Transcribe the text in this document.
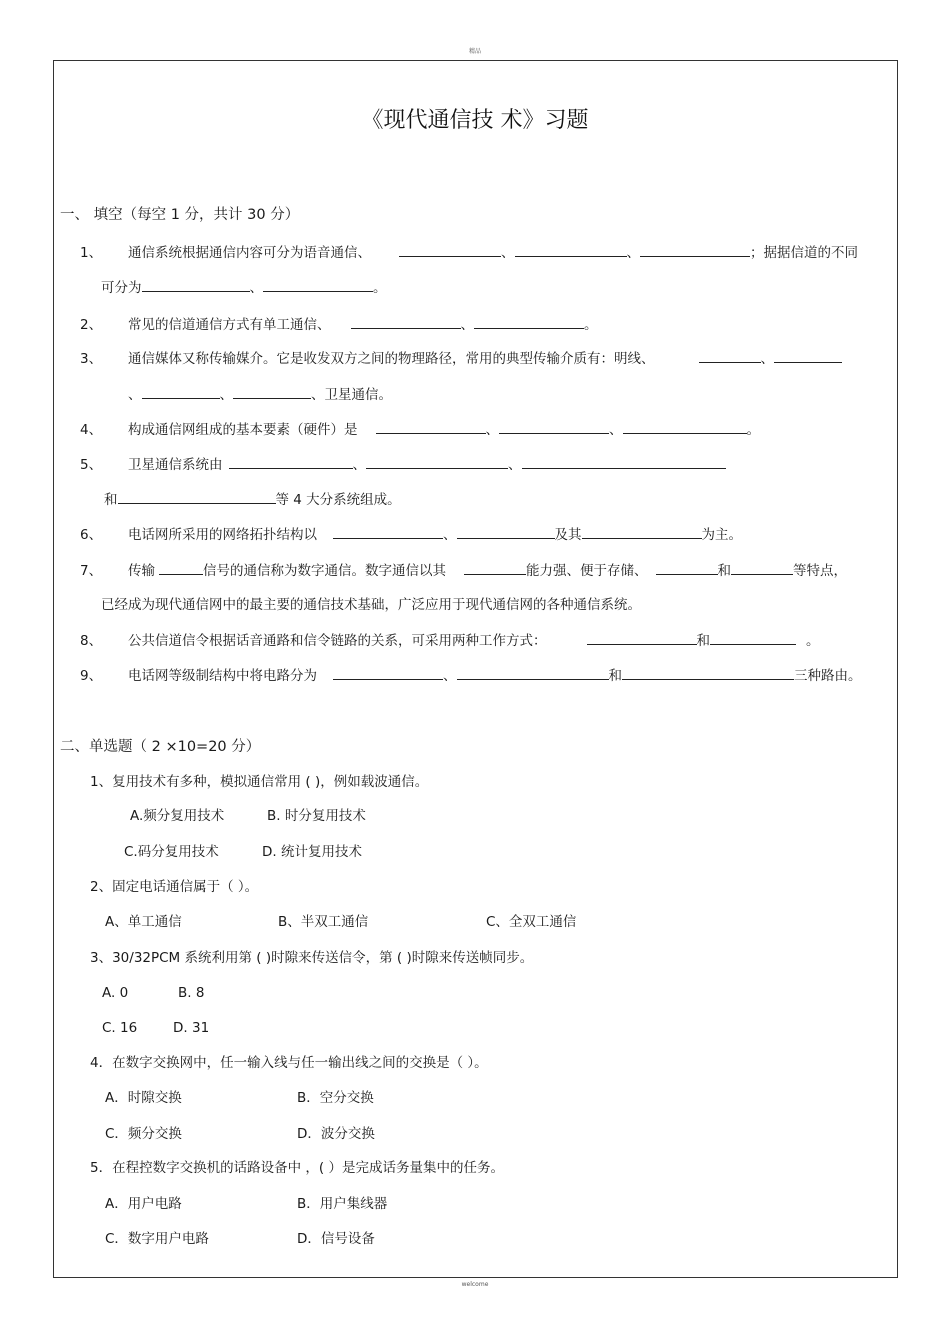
精品
《现代通信技 术》习题
一、 填空（每空 1 分，共计 30 分）
1、 通信系统根据通信内容可分为语音通信、	、	、	；据据信道的不同
可分为	、	。
2、 常见的信道通信方式有单工通信、	、	。
3、 通信媒体又称传输媒介。它是收发双方之间的物理路径，常用的典型传输介质有：明线、	、
、	、	、卫星通信。
4、 构成通信网组成的基本要素（硬件）是	、	、	。
5、 卫星通信系统由	、	、
和	等 4 大分系统组成。
6、 电话网所采用的网络拓扑结构以	、	及其	为主。
7、 传输	信号的通信称为数字通信。数字通信以其	能力强、便于存储、	和	等特点，
已经成为现代通信网中的最主要的通信技术基础，广泛应用于现代通信网的各种通信系统。
8、 公共信道信令根据话音通路和信令链路的关系，可采用两种工作方式：	和	。
9、 电话网等级制结构中将电路分为	、	和	三种路由。
二、单选题（ 2 ×10=20 分）
1、复用技术有多种，模拟通信常用 ( )，例如载波通信。
A.频分复用技术	B. 时分复用技术
C.码分复用技术	D. 统计复用技术
2、固定电话通信属于（ ）。
A、单工通信	B、半双工通信	C、全双工通信
3、30/32PCM 系统利用第 ( )时隙来传送信令，第 ( )时隙来传送帧同步。
A. 0	B. 8
C. 16	D. 31
4．在数字交换网中，任一输入线与任一输出线之间的交换是（ ）。
A．时隙交换	B．空分交换
C．频分交换	D．波分交换
5．在程控数字交换机的话路设备中 ，( ）是完成话务量集中的任务。
A．用户电路	B．用户集线器
C．数字用户电路	D．信号设备
welcome
